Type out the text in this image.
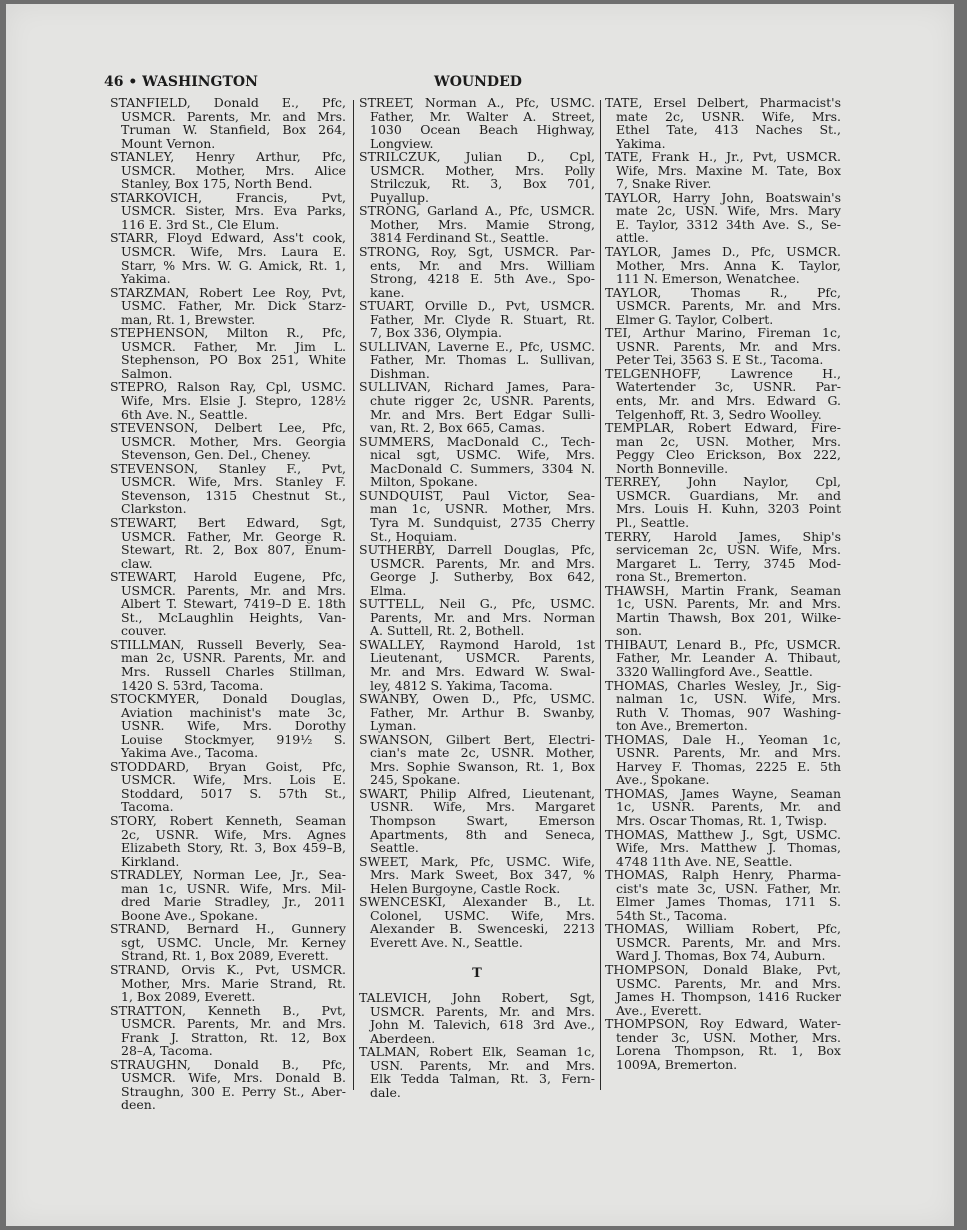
46 • WASHINGTON	WOUNDED

STANFIELD, Donald E., Pfc,

USMCR. Parents, Mr. and Mrs.

Truman W. Stanfield, Box 264,

Mount Vernon.

STANLEY, Henry Arthur, Pfc,

USMCR. Mother, Mrs. Alice

Stanley, Box 175, North Bend.

STARKOVICH, Francis, Pvt,

USMCR. Sister, Mrs. Eva Parks,

116 E. 3rd St., Cle Elum.

STARR, Floyd Edward, Ass't cook,

USMCR. Wife, Mrs. Laura E.

Starr, % Mrs. W. G. Amick, Rt. 1,

Yakima.

STARZMAN, Robert Lee Roy, Pvt,

USMC. Father, Mr. Dick Starz-

man, Rt. 1, Brewster.

STEPHENSON, Milton R., Pfc,

USMCR. Father, Mr. Jim L.

Stephenson, PO Box 251, White

Salmon.

STEPRO, Ralson Ray, Cpl, USMC.

Wife, Mrs. Elsie J. Stepro, 128½

6th Ave. N., Seattle.

STEVENSON, Delbert Lee, Pfc,

USMCR. Mother, Mrs. Georgia

Stevenson, Gen. Del., Cheney.

STEVENSON, Stanley F., Pvt,

USMCR. Wife, Mrs. Stanley F.

Stevenson, 1315 Chestnut St.,

Clarkston.

STEWART, Bert Edward, Sgt,

USMCR. Father, Mr. George R.

Stewart, Rt. 2, Box 807, Enum-

claw.

STEWART, Harold Eugene, Pfc,

USMCR. Parents, Mr. and Mrs.

Albert T. Stewart, 7419–D E. 18th

St., McLaughlin Heights, Van-

couver.

STILLMAN, Russell Beverly, Sea-

man 2c, USNR. Parents, Mr. and

Mrs. Russell Charles Stillman,

1420 S. 53rd, Tacoma.

STOCKMYER, Donald Douglas,

Aviation machinist's mate 3c,

USNR. Wife, Mrs. Dorothy

Louise Stockmyer, 919½ S.

Yakima Ave., Tacoma.

STODDARD, Bryan Goist, Pfc,

USMCR. Wife, Mrs. Lois E.

Stoddard, 5017 S. 57th St.,

Tacoma.

STORY, Robert Kenneth, Seaman

2c, USNR. Wife, Mrs. Agnes

Elizabeth Story, Rt. 3, Box 459–B,

Kirkland.

STRADLEY, Norman Lee, Jr., Sea-

man 1c, USNR. Wife, Mrs. Mil-

dred Marie Stradley, Jr., 2011

Boone Ave., Spokane.

STRAND, Bernard H., Gunnery

sgt, USMC. Uncle, Mr. Kerney

Strand, Rt. 1, Box 2089, Everett.

STRAND, Orvis K., Pvt, USMCR.

Mother, Mrs. Marie Strand, Rt.

1, Box 2089, Everett.

STRATTON, Kenneth B., Pvt,

USMCR. Parents, Mr. and Mrs.

Frank J. Stratton, Rt. 12, Box

28–A, Tacoma.

STRAUGHN, Donald B., Pfc,

USMCR. Wife, Mrs. Donald B.

Straughn, 300 E. Perry St., Aber-

deen.

STREET, Norman A., Pfc, USMC.

Father, Mr. Walter A. Street,

1030 Ocean Beach Highway,

Longview.

STRILCZUK, Julian D., Cpl,

USMCR. Mother, Mrs. Polly

Strilczuk, Rt. 3, Box 701,

Puyallup.

STRONG, Garland A., Pfc, USMCR.

Mother, Mrs. Mamie Strong,

3814 Ferdinand St., Seattle.

STRONG, Roy, Sgt, USMCR. Par-

ents, Mr. and Mrs. William

Strong, 4218 E. 5th Ave., Spo-

kane.

STUART, Orville D., Pvt, USMCR.

Father, Mr. Clyde R. Stuart, Rt.

7, Box 336, Olympia.

SULLIVAN, Laverne E., Pfc, USMC.

Father, Mr. Thomas L. Sullivan,

Dishman.

SULLIVAN, Richard James, Para-

chute rigger 2c, USNR. Parents,

Mr. and Mrs. Bert Edgar Sulli-

van, Rt. 2, Box 665, Camas.

SUMMERS, MacDonald C., Tech-

nical sgt, USMC. Wife, Mrs.

MacDonald C. Summers, 3304 N.

Milton, Spokane.

SUNDQUIST, Paul Victor, Sea-

man 1c, USNR. Mother, Mrs.

Tyra M. Sundquist, 2735 Cherry

St., Hoquiam.

SUTHERBY, Darrell Douglas, Pfc,

USMCR. Parents, Mr. and Mrs.

George J. Sutherby, Box 642,

Elma.

SUTTELL, Neil G., Pfc, USMC.

Parents, Mr. and Mrs. Norman

A. Suttell, Rt. 2, Bothell.

SWALLEY, Raymond Harold, 1st

Lieutenant, USMCR. Parents,

Mr. and Mrs. Edward W. Swal-

ley, 4812 S. Yakima, Tacoma.

SWANBY, Owen D., Pfc, USMC.

Father, Mr. Arthur B. Swanby,

Lyman.

SWANSON, Gilbert Bert, Electri-

cian's mate 2c, USNR. Mother,

Mrs. Sophie Swanson, Rt. 1, Box

245, Spokane.

SWART, Philip Alfred, Lieutenant,

USNR. Wife, Mrs. Margaret

Thompson Swart, Emerson

Apartments, 8th and Seneca,

Seattle.

SWEET, Mark, Pfc, USMC. Wife,

Mrs. Mark Sweet, Box 347, %

Helen Burgoyne, Castle Rock.

SWENCESKI, Alexander B., Lt.

Colonel, USMC. Wife, Mrs.

Alexander B. Swenceski, 2213

Everett Ave. N., Seattle.

T

TALEVICH, John Robert, Sgt,

USMCR. Parents, Mr. and Mrs.

John M. Talevich, 618 3rd Ave.,

Aberdeen.

TALMAN, Robert Elk, Seaman 1c,

USN. Parents, Mr. and Mrs.

Elk Tedda Talman, Rt. 3, Fern-

dale.

TATE, Ersel Delbert, Pharmacist's

mate 2c, USNR. Wife, Mrs.

Ethel Tate, 413 Naches St.,

Yakima.

TATE, Frank H., Jr., Pvt, USMCR.

Wife, Mrs. Maxine M. Tate, Box

7, Snake River.

TAYLOR, Harry John, Boatswain's

mate 2c, USN. Wife, Mrs. Mary

E. Taylor, 3312 34th Ave. S., Se-

attle.

TAYLOR, James D., Pfc, USMCR.

Mother, Mrs. Anna K. Taylor,

111 N. Emerson, Wenatchee.

TAYLOR, Thomas R., Pfc,

USMCR. Parents, Mr. and Mrs.

Elmer G. Taylor, Colbert.

TEI, Arthur Marino, Fireman 1c,

USNR. Parents, Mr. and Mrs.

Peter Tei, 3563 S. E St., Tacoma.

TELGENHOFF, Lawrence H.,

Watertender 3c, USNR. Par-

ents, Mr. and Mrs. Edward G.

Telgenhoff, Rt. 3, Sedro Woolley.

TEMPLAR, Robert Edward, Fire-

man 2c, USN. Mother, Mrs.

Peggy Cleo Erickson, Box 222,

North Bonneville.

TERREY, John Naylor, Cpl,

USMCR. Guardians, Mr. and

Mrs. Louis H. Kuhn, 3203 Point

Pl., Seattle.

TERRY, Harold James, Ship's

serviceman 2c, USN. Wife, Mrs.

Margaret L. Terry, 3745 Mod-

rona St., Bremerton.

THAWSH, Martin Frank, Seaman

1c, USN. Parents, Mr. and Mrs.

Martin Thawsh, Box 201, Wilke-

son.

THIBAUT, Lenard B., Pfc, USMCR.

Father, Mr. Leander A. Thibaut,

3320 Wallingford Ave., Seattle.

THOMAS, Charles Wesley, Jr., Sig-

nalman 1c, USN. Wife, Mrs.

Ruth V. Thomas, 907 Washing-

ton Ave., Bremerton.

THOMAS, Dale H., Yeoman 1c,

USNR. Parents, Mr. and Mrs.

Harvey F. Thomas, 2225 E. 5th

Ave., Spokane.

THOMAS, James Wayne, Seaman

1c, USNR. Parents, Mr. and

Mrs. Oscar Thomas, Rt. 1, Twisp.

THOMAS, Matthew J., Sgt, USMC.

Wife, Mrs. Matthew J. Thomas,

4748 11th Ave. NE, Seattle.

THOMAS, Ralph Henry, Pharma-

cist's mate 3c, USN. Father, Mr.

Elmer James Thomas, 1711 S.

54th St., Tacoma.

THOMAS, William Robert, Pfc,

USMCR. Parents, Mr. and Mrs.

Ward J. Thomas, Box 74, Auburn.

THOMPSON, Donald Blake, Pvt,

USMC. Parents, Mr. and Mrs.

James H. Thompson, 1416 Rucker

Ave., Everett.

THOMPSON, Roy Edward, Water-

tender 3c, USN. Mother, Mrs.

Lorena Thompson, Rt. 1, Box

1009A, Bremerton.
